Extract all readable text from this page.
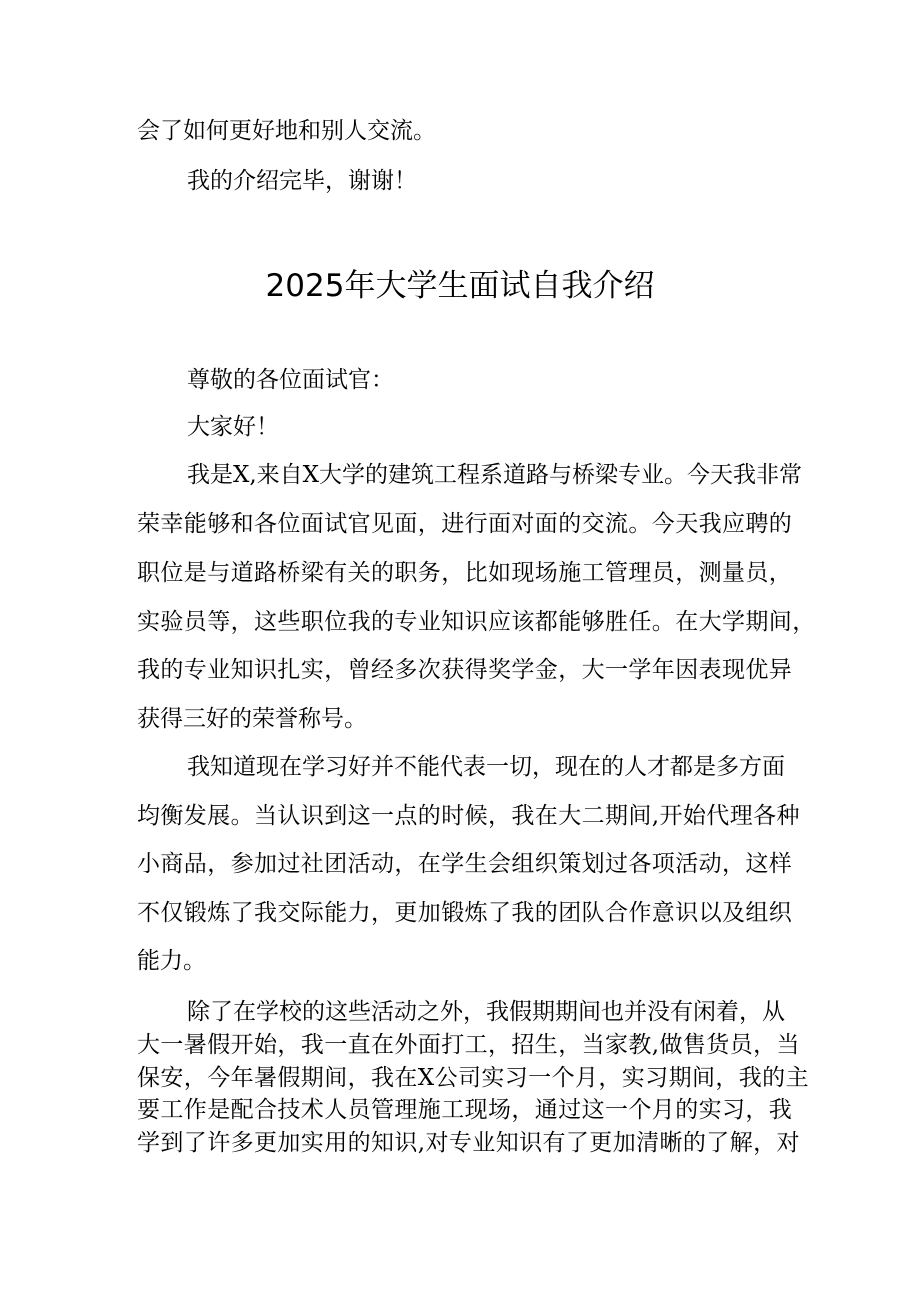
会了如何更好地和别人交流。
我的介绍完毕，谢谢！
2025年大学生面试自我介绍
尊敬的各位面试官：
大家好！
我是X,来自X大学的建筑工程系道路与桥梁专业。今天我非常
荣幸能够和各位面试官见面，进行面对面的交流。今天我应聘的
职位是与道路桥梁有关的职务，比如现场施工管理员，测量员，
实验员等，这些职位我的专业知识应该都能够胜任。在大学期间，
我的专业知识扎实，曾经多次获得奖学金，大一学年因表现优异
获得三好的荣誉称号。
我知道现在学习好并不能代表一切，现在的人才都是多方面
均衡发展。当认识到这一点的时候，我在大二期间,开始代理各种
小商品，参加过社团活动，在学生会组织策划过各项活动，这样
不仅锻炼了我交际能力，更加锻炼了我的团队合作意识以及组织
能力。
除了在学校的这些活动之外，我假期期间也并没有闲着，从
大一暑假开始，我一直在外面打工，招生，当家教,做售货员，当
保安，今年暑假期间，我在X公司实习一个月，实习期间，我的主
要工作是配合技术人员管理施工现场，通过这一个月的实习，我
学到了许多更加实用的知识,对专业知识有了更加清晰的了解，对
